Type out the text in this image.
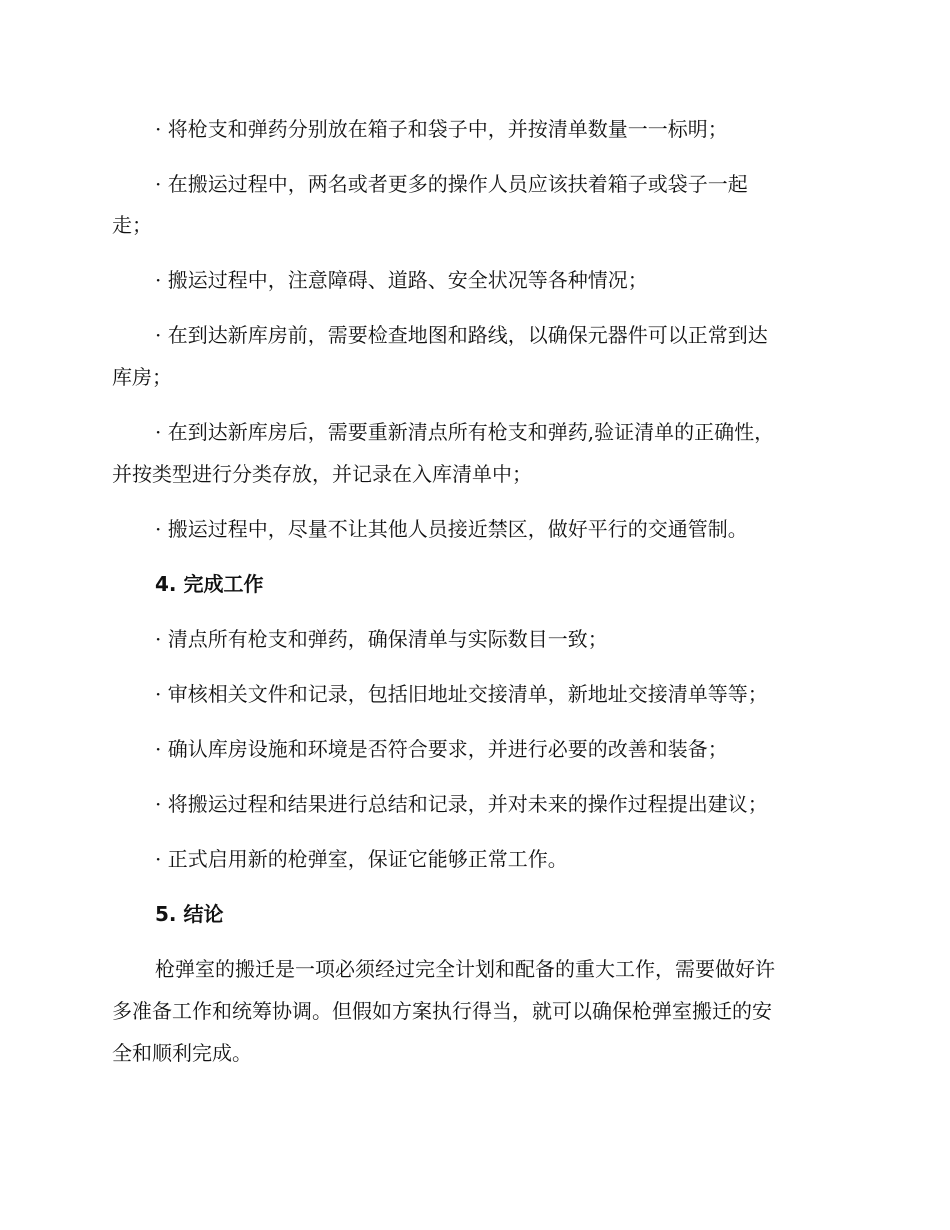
· 将枪支和弹药分别放在箱子和袋子中，并按清单数量一一标明；
· 在搬运过程中，两名或者更多的操作人员应该扶着箱子或袋子一起
走；
· 搬运过程中，注意障碍、道路、安全状况等各种情况；
· 在到达新库房前，需要检查地图和路线，以确保元器件可以正常到达
库房；
· 在到达新库房后，需要重新清点所有枪支和弹药,验证清单的正确性，
并按类型进行分类存放，并记录在入库清单中；
· 搬运过程中，尽量不让其他人员接近禁区，做好平行的交通管制。
4. 完成工作
· 清点所有枪支和弹药，确保清单与实际数目一致；
· 审核相关文件和记录，包括旧地址交接清单，新地址交接清单等等；
· 确认库房设施和环境是否符合要求，并进行必要的改善和装备；
· 将搬运过程和结果进行总结和记录，并对未来的操作过程提出建议；
· 正式启用新的枪弹室，保证它能够正常工作。
5. 结论
枪弹室的搬迁是一项必须经过完全计划和配备的重大工作，需要做好许
多准备工作和统筹协调。但假如方案执行得当，就可以确保枪弹室搬迁的安
全和顺利完成。
